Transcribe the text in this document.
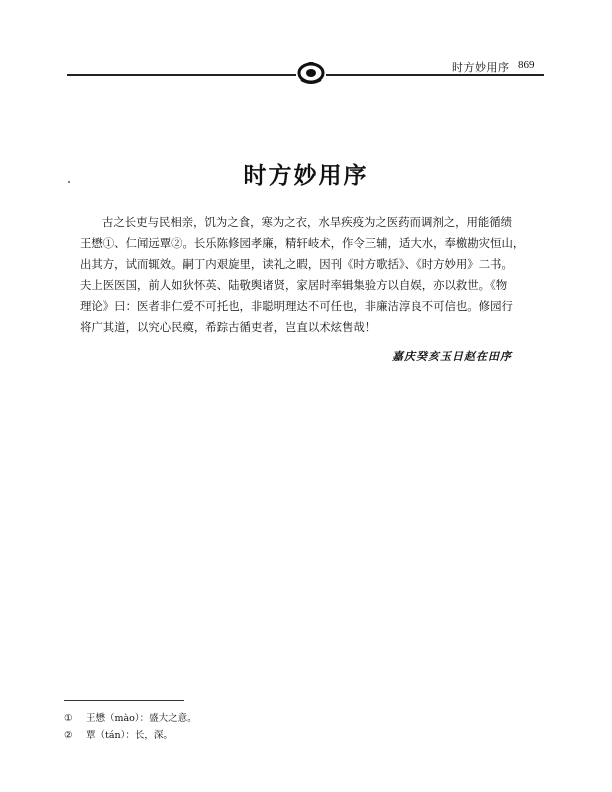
时方妙用序 869
时方妙用序
古之长吏与民相亲，饥为之食，寒为之衣，水旱疾疫为之医药而调剂之，用能循绩
王懋①、仁闻远覃②。长乐陈修园孝廉，精轩岐术，作令三辅，适大水，奉檄勘灾恒山，
出其方，试而辄效。嗣丁内艰旋里，读礼之暇，因刊《时方歌括》、《时方妙用》二书。
夫上医医国，前人如狄怀英、陆敬舆诸贤，家居时率辑集验方以自娱，亦以救世。《物
理论》曰：医者非仁爱不可托也，非聪明理达不可任也，非廉洁淳良不可信也。修园行
将广其道，以究心民瘼，希踪古循吏者，岂直以术炫售哉！
嘉庆癸亥玉日赵在田序
① 王懋（mào）：盛大之意。
② 覃（tán）：长，深。
